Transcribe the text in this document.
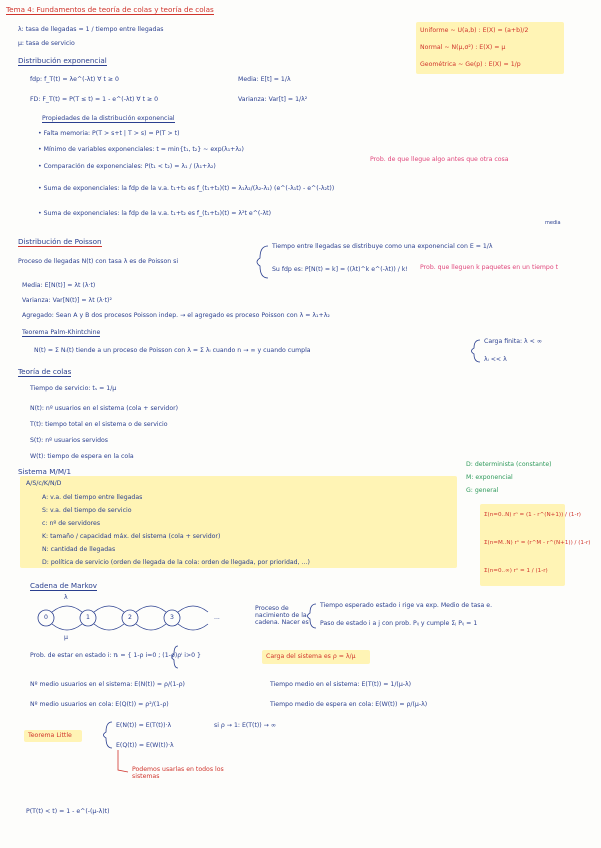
Tema 4: Fundamentos de teoría de colas y teoría de colas
λ: tasa de llegadas = 1 / tiempo entre llegadas
μ: tasa de servicio
Uniforme ~ U(a,b) : E(X) = (a+b)/2
Normal ~ N(μ,σ²) : E(X) = μ
Geométrica ~ Ge(p) : E(X) = 1/p
Distribución exponencial
fdp: f_T(t) = λe^(-λt) ∀ t ≥ 0	Media: E[t] = 1/λ
FD: F_T(t) = P(T ≤ t) = 1 - e^(-λt) ∀ t ≥ 0	Varianza: Var[t] = 1/λ²
Propiedades de la distribución exponencial
• Falta memoria: P(T > s+t | T > s) = P(T > t)
• Mínimo de variables exponenciales: t = min{t₁, t₂} ~ exp(λ₁+λ₂)
• Comparación de exponenciales: P(t₁ < t₂) = λ₁ / (λ₁+λ₂)
Prob. de que llegue algo antes que otra cosa
• Suma de exponenciales: la fdp de la v.a. t₁+t₂ es f_(t₁+t₂)(t) = λ₁λ₂/(λ₂-λ₁) (e^(-λ₁t) - e^(-λ₂t))
• Suma de exponenciales: la fdp de la v.a. t₁+t₂ es f_(t₁+t₂)(t) = λ²t e^(-λt)
Distribución de Poisson
media
Proceso de llegadas N(t) con tasa λ es de Poisson si
Tiempo entre llegadas se distribuye como una exponencial con E = 1/λ
Su fdp es: P[N(t) = k] = ((λt)^k e^(-λt)) / k! Prob. que lleguen k paquetes en un tiempo t
Media: E[N(t)] = λt (λ·t)
Varianza: Var[N(t)] = λt (λ·t)²
Agregado: Sean A y B dos procesos Poisson indep. → el agregado es proceso Poisson con λ = λ₁+λ₂
Teorema Palm-Khintchine
N(t) = Σ Nᵢ(t) tiende a un proceso de Poisson con λ = Σ λᵢ cuando n → ∞ y cuando cumpla
Carga finita: λ < ∞
λᵢ << λ
Teoría de colas
Tiempo de servicio: tₛ = 1/μ
N(t): nº usuarios en el sistema (cola + servidor)
T(t): tiempo total en el sistema o de servicio
S(t): nº usuarios servidos
W(t): tiempo de espera en la cola
Sistema M/M/1
A/S/c/K/N/D
A: v.a. del tiempo entre llegadas
S: v.a. del tiempo de servicio
c: nº de servidores
K: tamaño / capacidad máx. del sistema (cola + servidor)
N: cantidad de llegadas
D: política de servicio (orden de llegada de la cola: orden de llegada, por prioridad, ...)
D: determinista (constante)
M: exponencial
G: general
Σ(n=0..N) rⁿ = (1 - r^(N+1)) / (1-r)
Σ(n=M..N) rⁿ = (r^M - r^(N+1)) / (1-r)
Σ(n=0..∞) rⁿ = 1 / (1-r)
Cadena de Markov
0	1	2	3	...
λ
μ
Proceso de nacimiento de la cadena. Nacer es
Tiempo esperado estado i rige va exp. Medio de tasa e.
Paso de estado i a j con prob. Pᵢⱼ y cumple Σⱼ Pᵢⱼ = 1
Prob. de estar en estado i: πᵢ = { 1-ρ i=0 ; (1-ρ)ρⁱ i>0 }	Carga del sistema es ρ = λ/μ
Nº medio usuarios en el sistema: E(N(t)) = ρ/(1-ρ)	Tiempo medio en el sistema: E(T(t)) = 1/(μ-λ)
Nº medio usuarios en cola: E(Q(t)) = ρ²/(1-ρ)	Tiempo medio de espera en cola: E(W(t)) = ρ/(μ-λ)
Teorema Little
E(N(t)) = E(T(t))·λ
E(Q(t)) = E(W(t))·λ
si ρ → 1: E(T(t)) → ∞
Podemos usarlas en todos los sistemas
P(T(t) < t) = 1 - e^(-(μ-λ)t)
